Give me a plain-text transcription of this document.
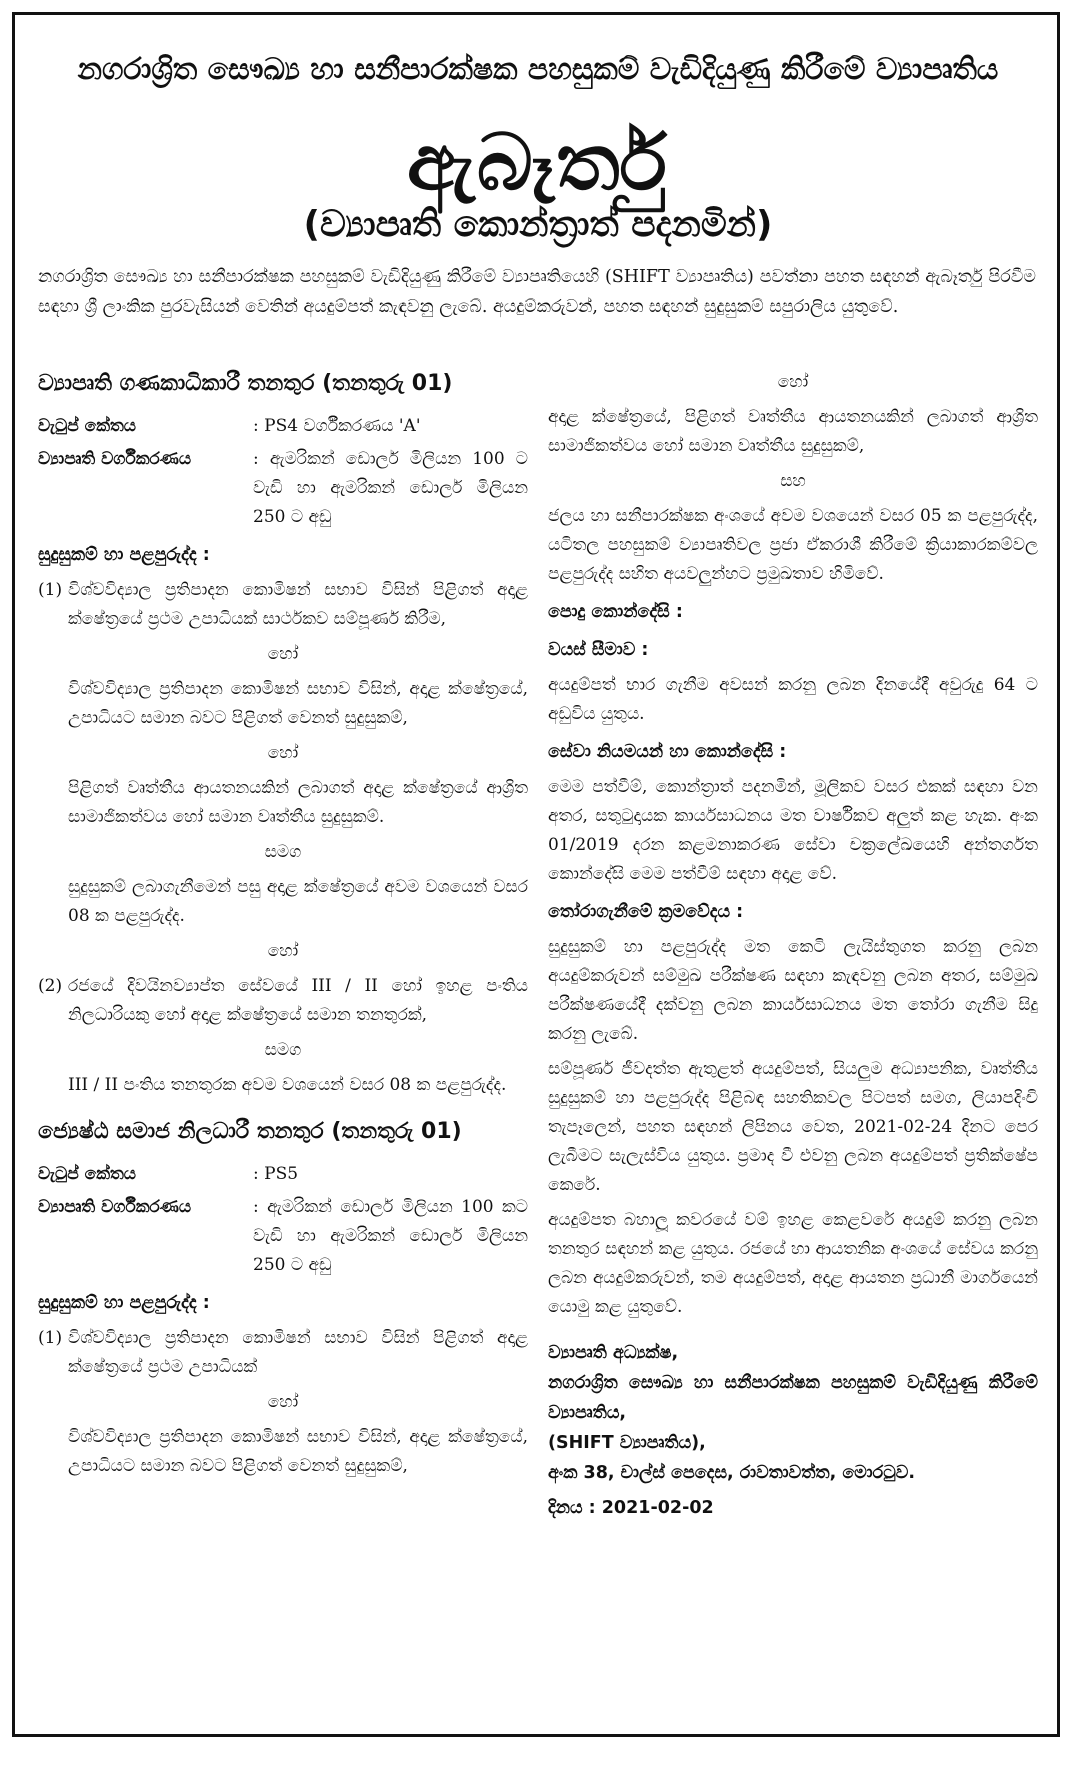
නගරාශ්‍රිත සෞඛ්‍ය හා සනීපාරක්ෂක පහසුකම් වැඩිදියුණු කිරීමේ ව්‍යාපෘතිය
ඇබෑර්තු
(ව්‍යාපෘති කොන්ත්‍රාත් පදනමින්)
නගරාශ්‍රිත සෞඛ්‍ය හා සනීපාරක්ෂක පහසුකම් වැඩිදියුණු කිරීමේ ව්‍යාපෘතියෙහි (SHIFT ව්‍යාපෘතිය) පවත්නා පහත සඳහන් ඇබෑර්තු පිරවීම සඳහා ශ්‍රී ලාංකික පුරවැසියන් වෙතින් අයදුම්පත් කැඳවනු ලැබේ. අයදුම්කරුවන්, පහත සඳහන් සුදුසුකම් සපුරාලිය යුතුවේ.
ව්‍යාපෘති ගණකාධිකාරී තනතුර (තනතුරු 01)
වැටුප් කේතය	: PS4 වර්ගීකරණය 'A'
ව්‍යාපෘති වර්ගීකරණය	: ඇමරිකන් ඩොලර් මිලියන 100 ට වැඩි හා ඇමරිකන් ඩොලර් මිලියන 250 ට අඩු
සුදුසුකම් හා පළපුරුද්ද :
(1) විශ්වවිද්‍යාල ප්‍රතිපාදන කොමිෂන් සභාව විසින් පිළිගත් අදාළ ක්ෂේත්‍රයේ ප්‍රථම උපාධියක් සාර්ථකව සම්පූර්ණ කිරීම,
හෝ
විශ්වවිද්‍යාල ප්‍රතිපාදන කොමිෂන් සභාව විසින්, අදාළ ක්ෂේත්‍රයේ, උපාධියට සමාන බවට පිළිගත් වෙනත් සුදුසුකම්,
හෝ
පිළිගත් වෘත්තීය ආයතනයකින් ලබාගත් අදාළ ක්ෂේත්‍රයේ ආශ්‍රිත සාමාජිකත්වය හෝ සමාන වෘත්තීය සුදුසුකම්.
සමග
සුදුසුකම් ලබාගැනීමෙන් පසු අදාළ ක්ෂේත්‍රයේ අවම වශයෙන් වසර 08 ක පළපුරුද්ද.
හෝ
(2) රජයේ දිවයිනව්‍යාප්ත සේවයේ III / II හෝ ඉහළ පංතිය නිලධාරියකු හෝ අදාළ ක්ෂේත්‍රයේ සමාන තනතුරක්,
සමග
III / II පංතිය තනතුරක අවම වශයෙන් වසර 08 ක පළපුරුද්ද.
ජ්‍යෙෂ්ඨ සමාජ නිලධාරී තනතුර (තනතුරු 01)
වැටුප් කේතය	: PS5
ව්‍යාපෘති වර්ගීකරණය	: ඇමරිකන් ඩොලර් මිලියන 100 කට වැඩි හා ඇමරිකන් ඩොලර් මිලියන 250 ට අඩු
සුදුසුකම් හා පළපුරුද්ද :
(1) විශ්වවිද්‍යාල ප්‍රතිපාදන කොමිෂන් සභාව විසින් පිළිගත් අදාළ ක්ෂේත්‍රයේ ප්‍රථම උපාධියක්
හෝ
විශ්වවිද්‍යාල ප්‍රතිපාදන කොමිෂන් සභාව විසින්, අදාළ ක්ෂේත්‍රයේ, උපාධියට සමාන බවට පිළිගත් වෙනත් සුදුසුකම්,
හෝ
අදාළ ක්ෂේත්‍රයේ, පිළිගත් වෘත්තීය ආයතනයකින් ලබාගත් ආශ්‍රිත සාමාජිකත්වය හෝ සමාන වෘත්තීය සුදුසුකම්,
සහ
ජලය හා සනීපාරක්ෂක අංශයේ අවම වශයෙන් වසර 05 ක පළපුරුද්ද, යටිතල පහසුකම් ව්‍යාපෘතිවල ප්‍රජා ඒකරාශී කිරීමේ ක්‍රියාකාරකම්වල පළපුරුද්ද සහිත අයවලුන්හට ප්‍රමුඛතාව හිමිවේ.
පොදු කොන්දේසි :
වයස් සීමාව :
අයදුම්පත් භාර ගැනීම අවසන් කරනු ලබන දිනයේදී අවුරුදු 64 ට අඩුවිය යුතුය.
සේවා නියමයන් හා කොන්දේසි :
මෙම පත්වීම්, කොන්ත්‍රාත් පදනමින්, මූලිකව වසර එකක් සඳහා වන අතර, සතුටුදායක කාර්යසාධනය මත වාර්ෂිකව අලුත් කළ හැක. අංක 01/2019 දරන කළමනාකරණ සේවා චක්‍රලේඛයෙහි අන්තර්ගත කොන්දේසි මෙම පත්වීම් සඳහා අදාළ වේ.
තෝරාගැනීමේ ක්‍රමවේදය :
සුදුසුකම් හා පළපුරුද්ද මත කෙටි ලැයිස්තුගත කරනු ලබන අයදුම්කරුවන් සම්මුඛ පරීක්ෂණ සඳහා කැඳවනු ලබන අතර, සම්මුඛ පරීක්ෂණයේදී දක්වනු ලබන කාර්යසාධනය මත තෝරා ගැනීම සිදු කරනු ලැබේ.
සම්පූර්ණ ජීවදත්ත ඇතුළත් අයදුම්පත්, සියලුම අධ්‍යාපනික, වෘත්තීය සුදුසුකම් හා පළපුරුද්ද පිළිබඳ සහතිකවල පිටපත් සමග, ලියාපදිංචි තැපෑලෙන්, පහත සඳහන් ලිපිනය වෙත, 2021-02-24 දිනට පෙර ලැබීමට සැලැස්විය යුතුය. ප්‍රමාද වී එවනු ලබන අයදුම්පත් ප්‍රතික්ෂේප කෙරේ.
අයදුම්පත බහාලූ කවරයේ වම් ඉහළ කෙළවරේ අයදුම් කරනු ලබන තනතුර සඳහන් කළ යුතුය. රජයේ හා ආයතනික අංශයේ සේවය කරනු ලබන අයදුම්කරුවන්, තම අයදුම්පත්, අදාළ ආයතන ප්‍රධානී මාර්ගයෙන් යොමු කළ යුතුවේ.
ව්‍යාපෘති අධ්‍යක්ෂ,
නගරාශ්‍රිත සෞඛ්‍ය හා සනීපාරක්ෂක පහසුකම් වැඩිදියුණු කිරීමේ ව්‍යාපෘතිය,
(SHIFT ව්‍යාපෘතිය),
අංක 38, චාල්ස් පෙදෙස, රාවතාවත්ත, මොරටුව.
දිනය : 2021-02-02
